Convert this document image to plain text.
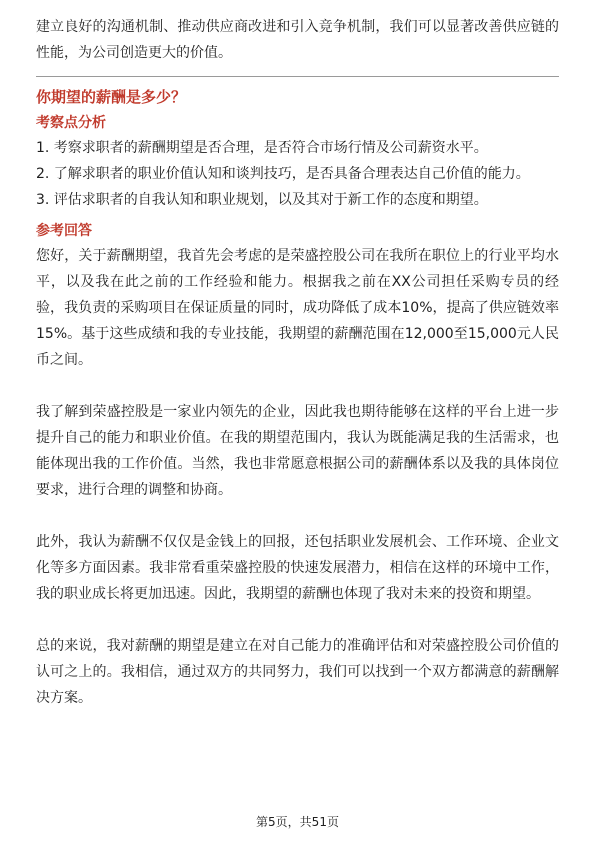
建立良好的沟通机制、推动供应商改进和引入竞争机制，我们可以显著改善供应链的性能，为公司创造更大的价值。

你期望的薪酬是多少？
考察点分析
1. 考察求职者的薪酬期望是否合理，是否符合市场行情及公司薪资水平。
2. 了解求职者的职业价值认知和谈判技巧，是否具备合理表达自己价值的能力。
3. 评估求职者的自我认知和职业规划，以及其对于新工作的态度和期望。
参考回答

您好，关于薪酬期望，我首先会考虑的是荣盛控股公司在我所在职位上的行业平均水平，以及我在此之前的工作经验和能力。根据我之前在XX公司担任采购专员的经验，我负责的采购项目在保证质量的同时，成功降低了成本10%，提高了供应链效率15%。基于这些成绩和我的专业技能，我期望的薪酬范围在12,000至15,000元人民币之间。

我了解到荣盛控股是一家业内领先的企业，因此我也期待能够在这样的平台上进一步提升自己的能力和职业价值。在我的期望范围内，我认为既能满足我的生活需求，也能体现出我的工作价值。当然，我也非常愿意根据公司的薪酬体系以及我的具体岗位要求，进行合理的调整和协商。

此外，我认为薪酬不仅仅是金钱上的回报，还包括职业发展机会、工作环境、企业文化等多方面因素。我非常看重荣盛控股的快速发展潜力，相信在这样的环境中工作，我的职业成长将更加迅速。因此，我期望的薪酬也体现了我对未来的投资和期望。

总的来说，我对薪酬的期望是建立在对自己能力的准确评估和对荣盛控股公司价值的认可之上的。我相信，通过双方的共同努力，我们可以找到一个双方都满意的薪酬解决方案。

第5页，共51页
